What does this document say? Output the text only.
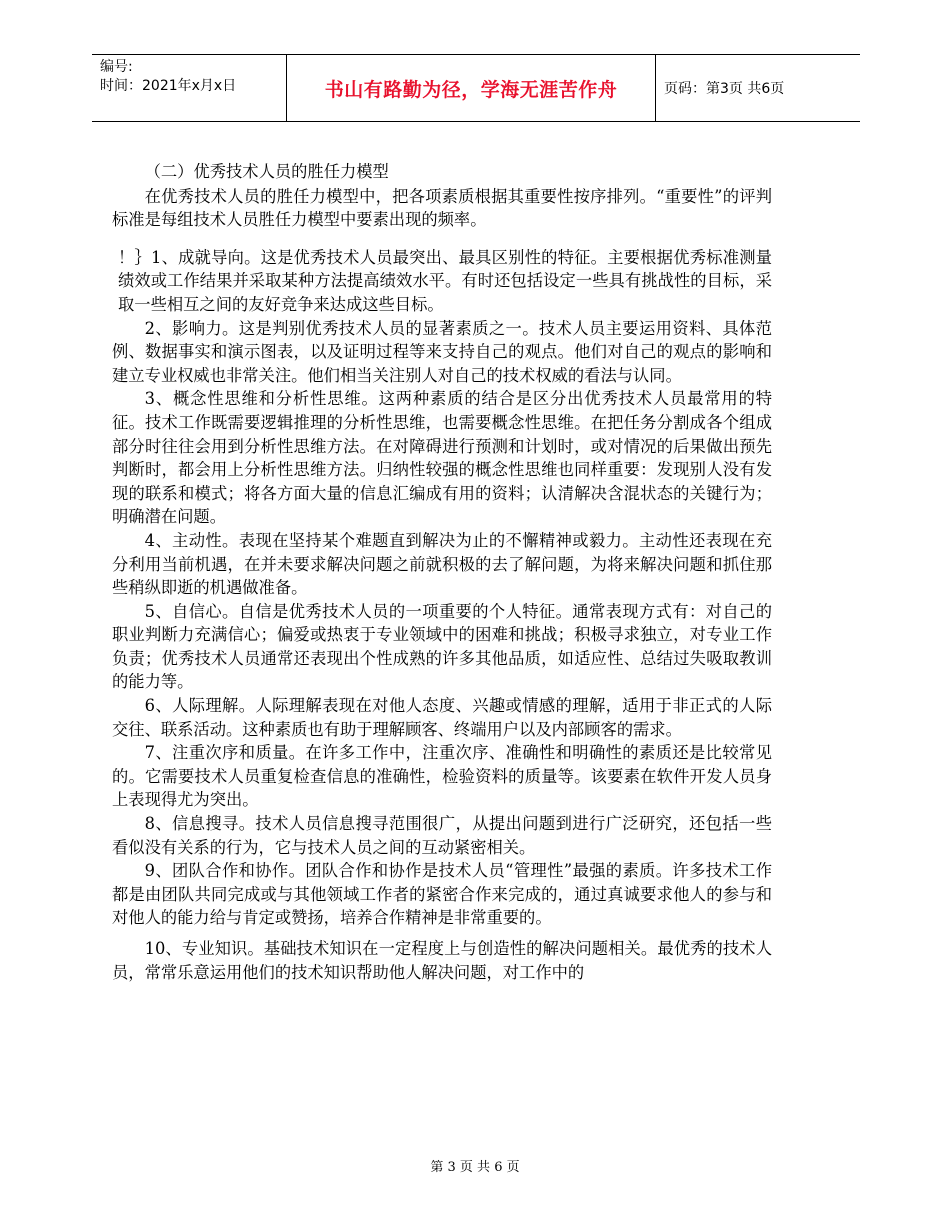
编号:
时间：2021年x月x日	书山有路勤为径，学海无涯苦作舟	页码：第3页 共6页

（二）优秀技术人员的胜任力模型

在优秀技术人员的胜任力模型中，把各项素质根据其重要性按序排列。“重要性”的评判标准是每组技术人员胜任力模型中要素出现的频率。

！｝1、成就导向。这是优秀技术人员最突出、最具区别性的特征。主要根据优秀标准测量绩效或工作结果并采取某种方法提高绩效水平。有时还包括设定一些具有挑战性的目标，采取一些相互之间的友好竞争来达成这些目标。

2、影响力。这是判别优秀技术人员的显著素质之一。技术人员主要运用资料、具体范例、数据事实和演示图表，以及证明过程等来支持自己的观点。他们对自己的观点的影响和建立专业权威也非常关注。他们相当关注别人对自己的技术权威的看法与认同。

3、概念性思维和分析性思维。这两种素质的结合是区分出优秀技术人员最常用的特征。技术工作既需要逻辑推理的分析性思维，也需要概念性思维。在把任务分割成各个组成部分时往往会用到分析性思维方法。在对障碍进行预测和计划时，或对情况的后果做出预先判断时，都会用上分析性思维方法。归纳性较强的概念性思维也同样重要：发现别人没有发现的联系和模式；将各方面大量的信息汇编成有用的资料；认清解决含混状态的关键行为；明确潜在问题。

4、主动性。表现在坚持某个难题直到解决为止的不懈精神或毅力。主动性还表现在充分利用当前机遇，在并未要求解决问题之前就积极的去了解问题，为将来解决问题和抓住那些稍纵即逝的机遇做准备。

5、自信心。自信是优秀技术人员的一项重要的个人特征。通常表现方式有：对自己的职业判断力充满信心；偏爱或热衷于专业领域中的困难和挑战；积极寻求独立，对专业工作负责；优秀技术人员通常还表现出个性成熟的许多其他品质，如适应性、总结过失吸取教训的能力等。

6、人际理解。人际理解表现在对他人态度、兴趣或情感的理解，适用于非正式的人际交往、联系活动。这种素质也有助于理解顾客、终端用户以及内部顾客的需求。

7、注重次序和质量。在许多工作中，注重次序、准确性和明确性的素质还是比较常见的。它需要技术人员重复检查信息的准确性，检验资料的质量等。该要素在软件开发人员身上表现得尤为突出。

8、信息搜寻。技术人员信息搜寻范围很广，从提出问题到进行广泛研究，还包括一些看似没有关系的行为，它与技术人员之间的互动紧密相关。

9、团队合作和协作。团队合作和协作是技术人员“管理性”最强的素质。许多技术工作都是由团队共同完成或与其他领域工作者的紧密合作来完成的，通过真诚要求他人的参与和对他人的能力给与肯定或赞扬，培养合作精神是非常重要的。

10、专业知识。基础技术知识在一定程度上与创造性的解决问题相关。最优秀的技术人员，常常乐意运用他们的技术知识帮助他人解决问题，对工作中的

第 3 页 共 6 页
